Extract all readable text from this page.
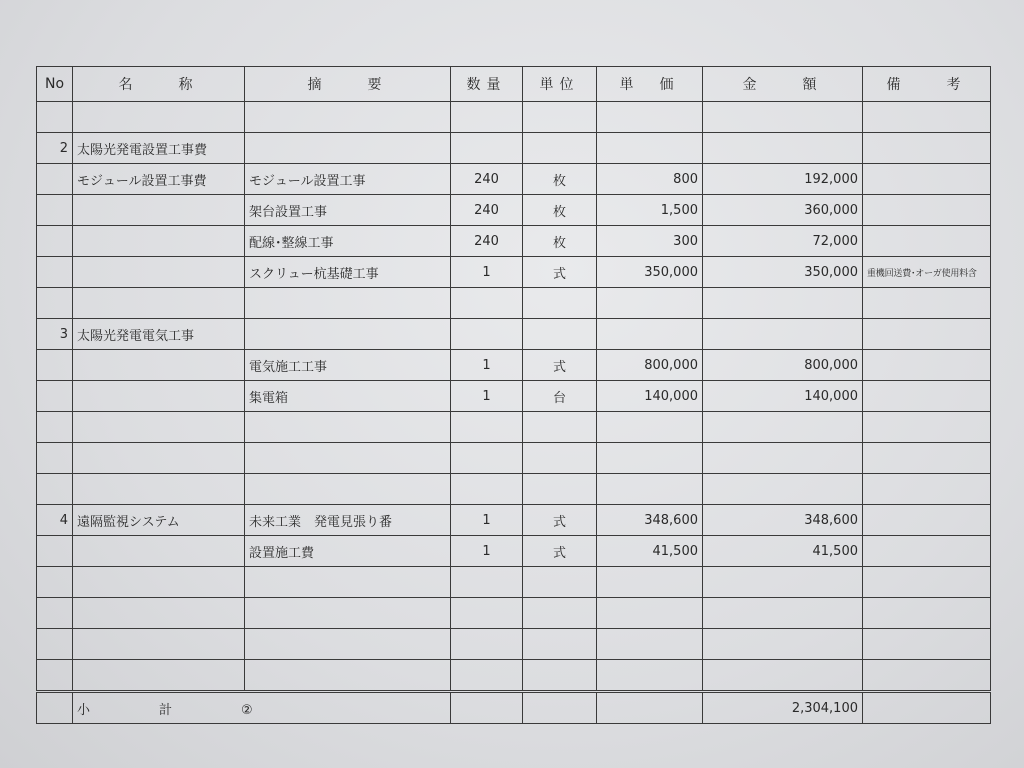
No	名　　称	摘　　要	数量	単位	単　価	金　　額	備　　考

2	太陽光発電設置工事費						
	モジュール設置工事費	モジュール設置工事	240	枚	800	192,000	
		架台設置工事	240	枚	1,500	360,000	
		配線･整線工事	240	枚	300	72,000	
		スクリュー杭基礎工事	1	式	350,000	350,000	重機回送費･オーガ使用料含

3	太陽光発電電気工事						
		電気施工工事	1	式	800,000	800,000	
		集電箱	1	台	140,000	140,000	

4	遠隔監視システム	未来工業　発電見張り番	1	式	348,600	348,600	
		設置施工費	1	式	41,500	41,500	

	小　計　②					2,304,100	
